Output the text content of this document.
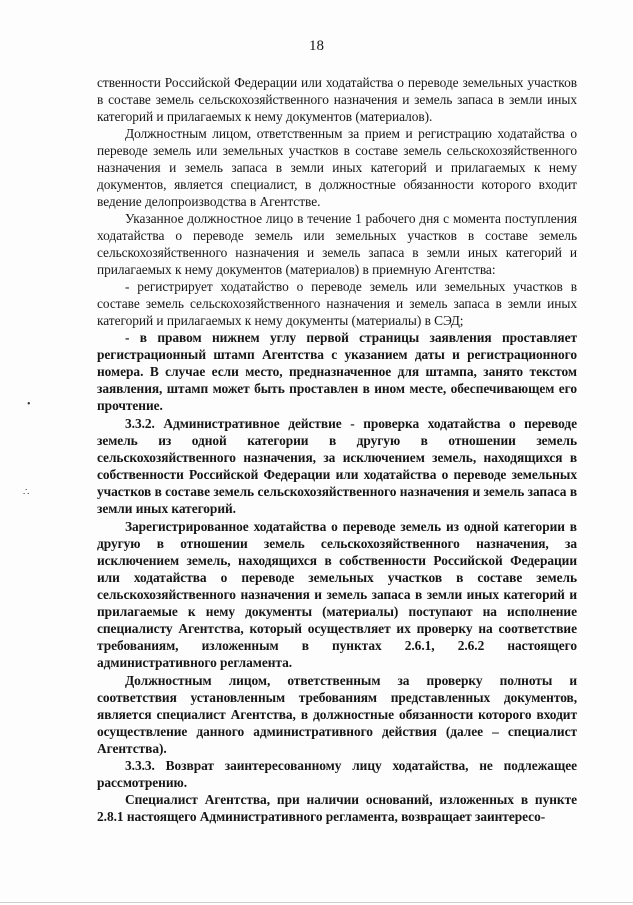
18

ственности Российской Федерации или ходатайства о переводе земельных участков в составе земель сельскохозяйственного назначения и земель запаса в земли иных категорий и прилагаемых к нему документов (материалов).

Должностным лицом, ответственным за прием и регистрацию ходатайства о переводе земель или земельных участков в составе земель сельскохозяйственного назначения и земель запаса в земли иных категорий и прилагаемых к нему документов, является специалист, в должностные обязанности которого входит ведение делопроизводства в Агентстве.

Указанное должностное лицо в течение 1 рабочего дня с момента поступления ходатайства о переводе земель или земельных участков в составе земель сельскохозяйственного назначения и земель запаса в земли иных категорий и прилагаемых к нему документов (материалов) в приемную Агентства:

- регистрирует ходатайство о переводе земель или земельных участков в составе земель сельскохозяйственного назначения и земель запаса в земли иных категорий и прилагаемых к нему документы (материалы) в СЭД;

- в правом нижнем углу первой страницы заявления проставляет регистрационный штамп Агентства с указанием даты и регистрационного номера. В случае если место, предназначенное для штампа, занято текстом заявления, штамп может быть проставлен в ином месте, обеспечивающем его прочтение.

3.3.2. Административное действие - проверка ходатайства о переводе земель из одной категории в другую в отношении земель сельскохозяйственного назначения, за исключением земель, находящихся в собственности Российской Федерации или ходатайства о переводе земельных участков в составе земель сельскохозяйственного назначения и земель запаса в земли иных категорий.

Зарегистрированное ходатайства о переводе земель из одной категории в другую в отношении земель сельскохозяйственного назначения, за исключением земель, находящихся в собственности Российской Федерации или ходатайства о переводе земельных участков в составе земель сельскохозяйственного назначения и земель запаса в земли иных категорий и прилагаемые к нему документы (материалы) поступают на исполнение специалисту Агентства, который осуществляет их проверку на соответствие требованиям, изложенным в пунктах 2.6.1, 2.6.2 настоящего административного регламента.

Должностным лицом, ответственным за проверку полноты и соответствия установленным требованиям представленных документов, является специалист Агентства, в должностные обязанности которого входит осуществление данного административного действия (далее – специалист Агентства).

3.3.3. Возврат заинтересованному лицу ходатайства, не подлежащее рассмотрению.

Специалист Агентства, при наличии оснований, изложенных в пункте 2.8.1 настоящего Административного регламента, возвращает заинтересо-

•
∴
